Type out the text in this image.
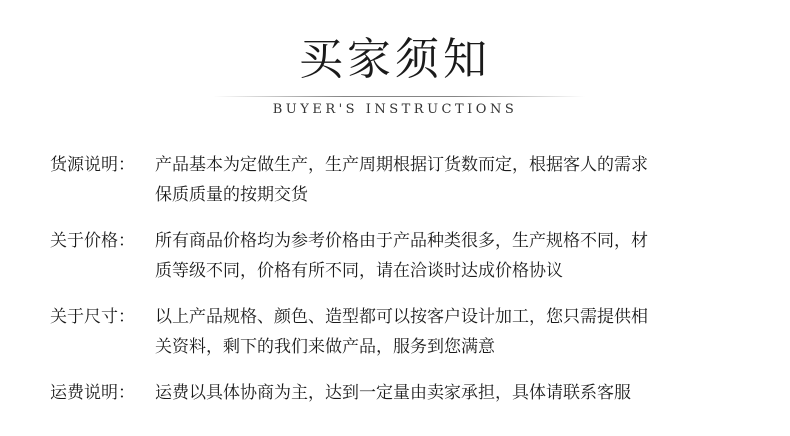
买家须知
BUYER'S INSTRUCTIONS
货源说明：	产品基本为定做生产，生产周期根据订货数而定，根据客人的需求
保质质量的按期交货
关于价格：	所有商品价格均为参考价格由于产品种类很多，生产规格不同，材
质等级不同，价格有所不同，请在洽谈时达成价格协议
关于尺寸：	以上产品规格、颜色、造型都可以按客户设计加工，您只需提供相
关资料，剩下的我们来做产品，服务到您满意
运费说明：	运费以具体协商为主，达到一定量由卖家承担，具体请联系客服
